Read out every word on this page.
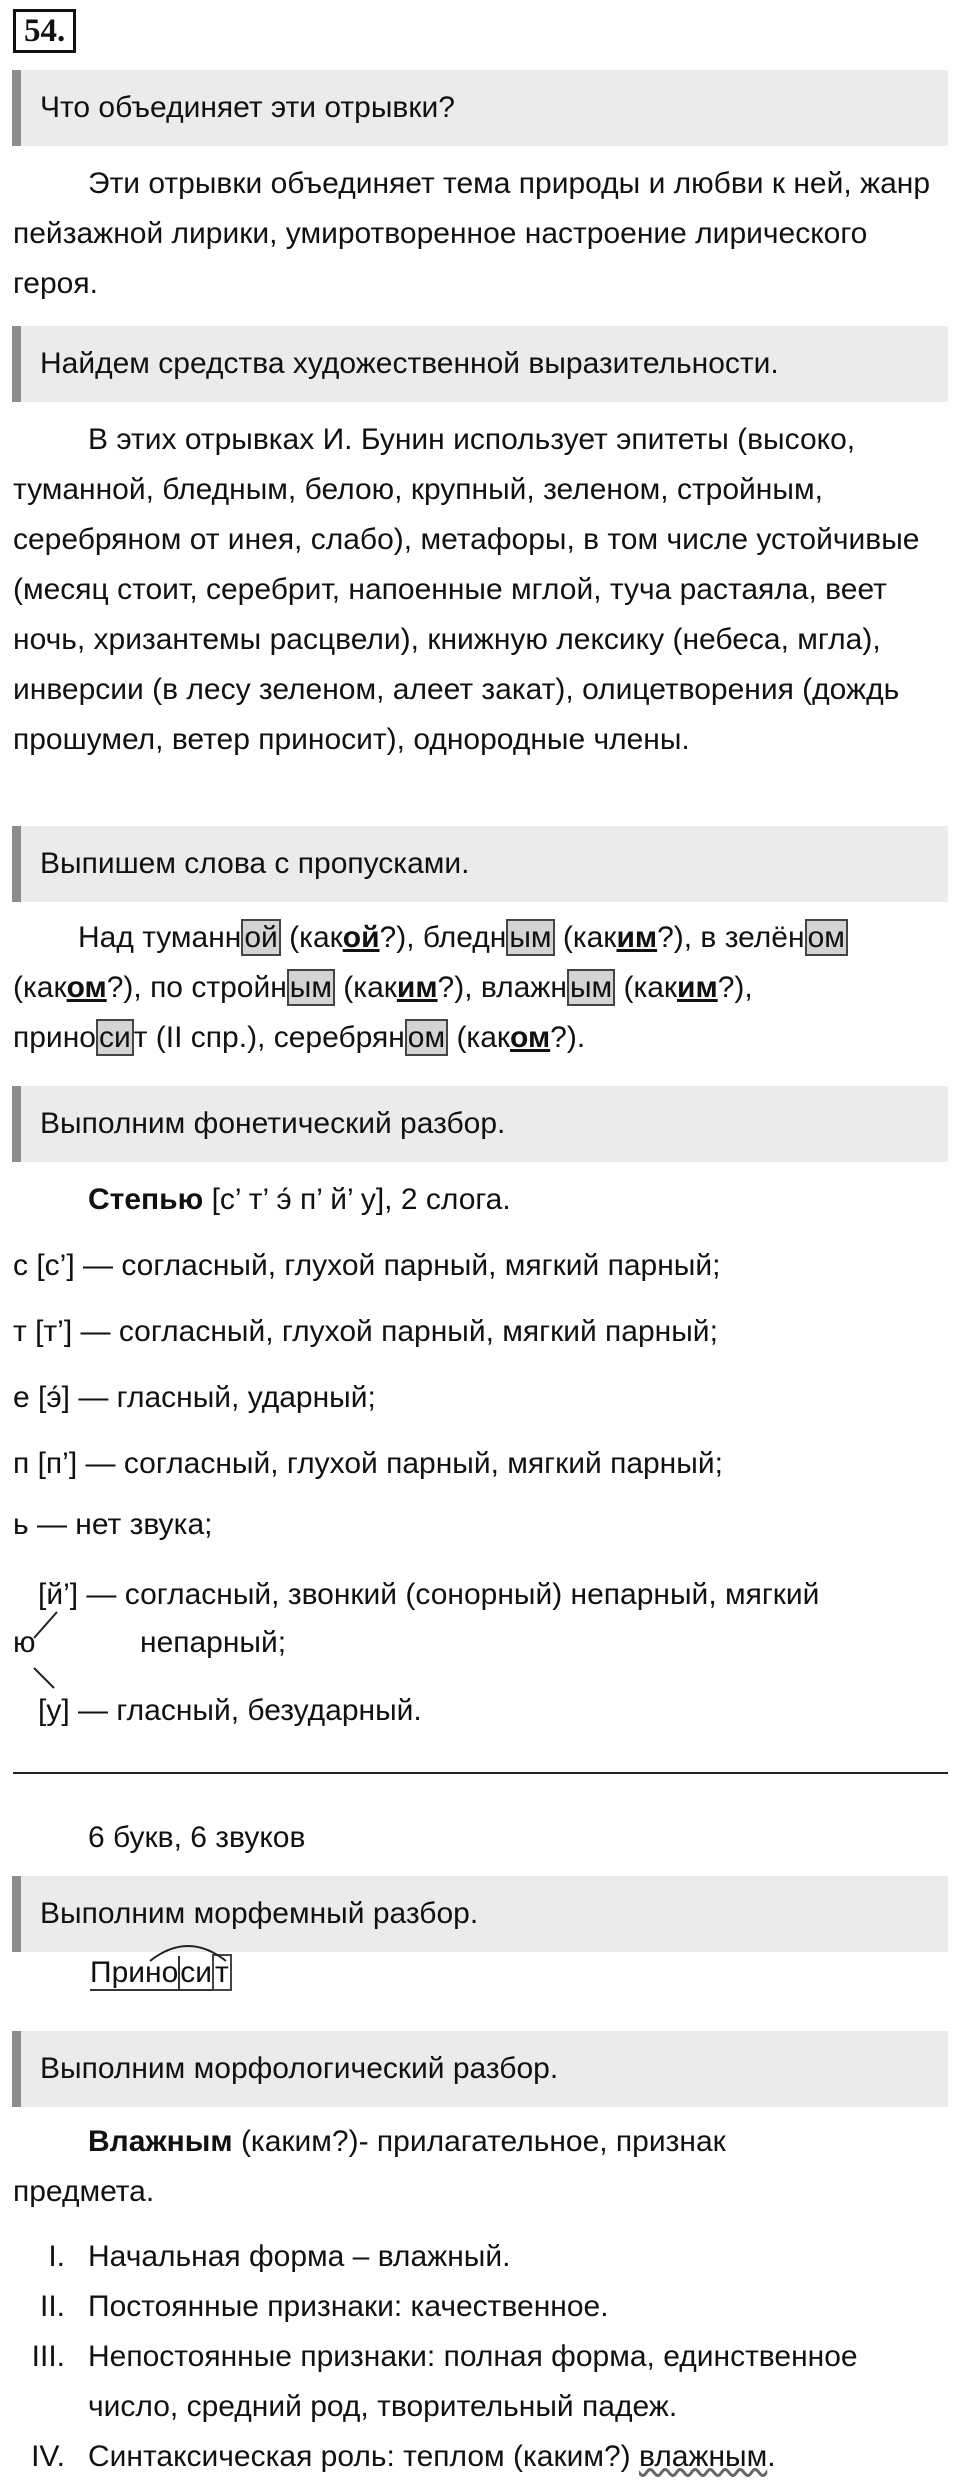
54.
Что объединяет эти отрывки?
Эти отрывки объединяет тема природы и любви к ней, жанр пейзажной лирики, умиротворенное настроение лирического героя.
Найдем средства художественной выразительности.
В этих отрывках И. Бунин использует эпитеты (высоко, туманной, бледным, белою, крупный, зеленом, стройным, серебряном от инея, слабо), метафоры, в том числе устойчивые (месяц стоит, серебрит, напоенные мглой, туча растаяла, веет ночь, хризантемы расцвели), книжную лексику (небеса, мгла), инверсии (в лесу зеленом, алеет закат), олицетворения (дождь прошумел, ветер приносит), однородные члены.
Выпишем слова с пропусками.
Над туманн ой (какой?), бледн ым (каким?), в зелён ом
(каком?), по стройн ым (каким?), влажн ым (каким?),
прино си т (II спр.), серебрян ом (каком?).
Выполним фонетический разбор.
Степью [с’ т’ э́ п’ й’ у], 2 слога.
с [с’] — согласный, глухой парный, мягкий парный;
т [т’] — согласный, глухой парный, мягкий парный;
е [э́] — гласный, ударный;
п [п’] — согласный, глухой парный, мягкий парный;
ь — нет звука;
[й’] — согласный, звонкий (сонорный) непарный, мягкий
непарный;
ю
[у] — гласный, безударный.
6 букв, 6 звуков
Выполним морфемный разбор.
Приноси т
Выполним морфологический разбор.
Влажным (каким?)- прилагательное, признак
предмета.
I. Начальная форма – влажный.

II. Постоянные признаки: качественное.

III. Непостоянные признаки: полная форма, единственное

число, средний род, творительный падеж.

IV. Синтаксическая роль: теплом (каким?) влажным.
